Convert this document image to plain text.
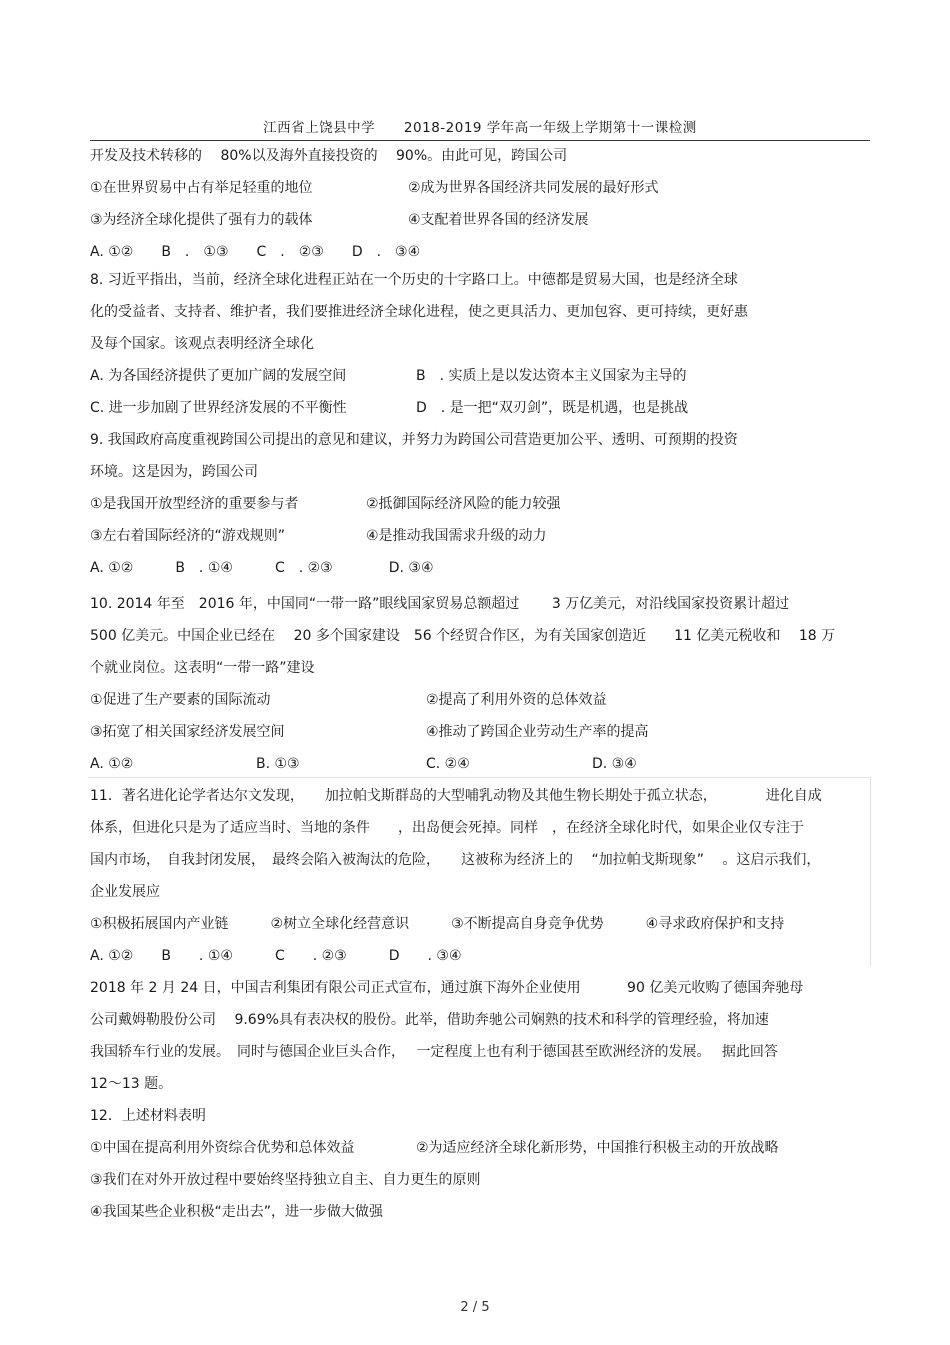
江西省上饶县中学 2018-2019 学年高一年级上学期第十一课检测
开发及技术转移的　 80%以及海外直接投资的　 90%。由此可见，跨国公司
①在世界贸易中占有举足轻重的地位	②成为世界各国经济共同发展的最好形式
③为经济全球化提供了强有力的载体	④支配着世界各国的经济发展
A. ①②　　B　.　①③　　C　.　②③　　D　.　③④
8. 习近平指出，当前，经济全球化进程正站在一个历史的十字路口上。中德都是贸易大国，也是经济全球
化的受益者、支持者、维护者，我们要推进经济全球化进程，使之更具活力、更加包容、更可持续，更好惠
及每个国家。该观点表明经济全球化
A. 为各国经济提供了更加广阔的发展空间	B　. 实质上是以发达资本主义国家为主导的
C. 进一步加剧了世界经济发展的不平衡性	D　. 是一把“双刃剑”，既是机遇，也是挑战
9. 我国政府高度重视跨国公司提出的意见和建议，并努力为跨国公司营造更加公平、透明、可预期的投资
环境。这是因为，跨国公司
①是我国开放型经济的重要参与者	②抵御国际经济风险的能力较强
③左右着国际经济的“游戏规则”	④是推动我国需求升级的动力
A. ①②　　　B　. ①④　　　C　. ②③　　　　D. ③④
10. 2014 年至　2016 年，中国同“一带一路”眼线国家贸易总额超过　　 3 万亿美元，对沿线国家投资累计超过
500 亿美元。中国企业已经在　 20 多个国家建设　56 个经贸合作区，为有关国家创造近　　11 亿美元税收和　 18 万
个就业岗位。这表明“一带一路”建设
①促进了生产要素的国际流动	②提高了利用外资的总体效益
③拓宽了相关国家经济发展空间	④推动了跨国企业劳动生产率的提高
A. ①②	B. ①③	C. ②④	D. ③④
11．著名进化论学者达尔文发现，　　加拉帕戈斯群岛的大型哺乳动物及其他生物长期处于孤立状态，　　　　进化自成
体系，但进化只是为了适应当时、当地的条件　　，出岛便会死掉。同样　，在经济全球化时代，如果企业仅专注于
国内市场，　自我封闭发展，　最终会陷入被淘汰的危险，　　这被称为经济上的　 “加拉帕戈斯现象”　 。这启示我们，
企业发展应
①积极拓展国内产业链　　　②树立全球化经营意识　　　③不断提高自身竞争优势　　　④寻求政府保护和支持
A. ①②　　B　　. ①④　　　C　　. ②③　　　D　　. ③④
2018 年 2 月 24 日，中国吉利集团有限公司正式宣布，通过旗下海外企业使用　　　 90 亿美元收购了德国奔驰母
公司戴姆勒股份公司　 9.69%具有表决权的股份。此举，借助奔驰公司娴熟的技术和科学的管理经验，将加速
我国轿车行业的发展。　同时与德国企业巨头合作，　 一定程度上也有利于德国甚至欧洲经济的发展。　 据此回答
12～13 题。
12．上述材料表明
①中国在提高利用外资综合优势和总体效益	②为适应经济全球化新形势，中国推行积极主动的开放战略
③我们在对外开放过程中要始终坚持独立自主、自力更生的原则
④我国某些企业积极“走出去”，进一步做大做强
2 / 5
